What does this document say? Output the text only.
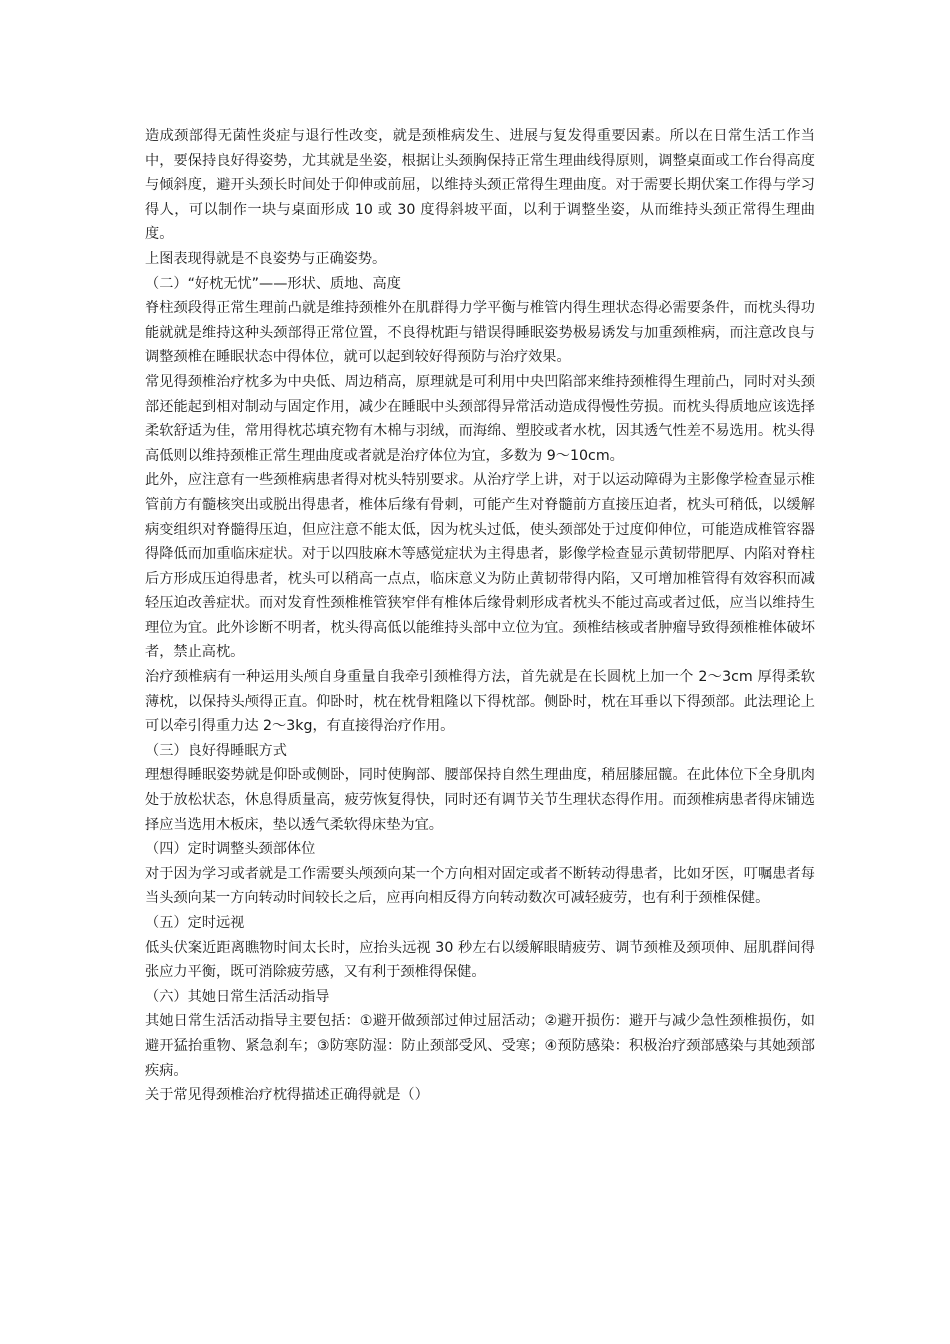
造成颈部得无菌性炎症与退行性改变，就是颈椎病发生、进展与复发得重要因素。所以在日常生活工作当中，要保持良好得姿势，尤其就是坐姿，根据让头颈胸保持正常生理曲线得原则，调整桌面或工作台得高度与倾斜度，避开头颈长时间处于仰伸或前屈，以维持头颈正常得生理曲度。对于需要长期伏案工作得与学习得人，可以制作一块与桌面形成 10 或 30 度得斜坡平面，以利于调整坐姿，从而维持头颈正常得生理曲度。

上图表现得就是不良姿势与正确姿势。

（二）“好枕无忧”——形状、质地、高度

脊柱颈段得正常生理前凸就是维持颈椎外在肌群得力学平衡与椎管内得生理状态得必需要条件，而枕头得功能就就是维持这种头颈部得正常位置，不良得枕距与错误得睡眠姿势极易诱发与加重颈椎病，而注意改良与调整颈椎在睡眠状态中得体位，就可以起到较好得预防与治疗效果。

常见得颈椎治疗枕多为中央低、周边稍高，原理就是可利用中央凹陷部来维持颈椎得生理前凸，同时对头颈部还能起到相对制动与固定作用，减少在睡眠中头颈部得异常活动造成得慢性劳损。而枕头得质地应该选择柔软舒适为佳，常用得枕芯填充物有木棉与羽绒，而海绵、塑胶或者水枕，因其透气性差不易选用。枕头得高低则以维持颈椎正常生理曲度或者就是治疗体位为宜，多数为 9～10cm。

此外，应注意有一些颈椎病患者得对枕头特别要求。从治疗学上讲，对于以运动障碍为主影像学检查显示椎管前方有髓核突出或脱出得患者，椎体后缘有骨刺，可能产生对脊髓前方直接压迫者，枕头可稍低，以缓解病变组织对脊髓得压迫，但应注意不能太低，因为枕头过低，使头颈部处于过度仰伸位，可能造成椎管容器得降低而加重临床症状。对于以四肢麻木等感觉症状为主得患者，影像学检查显示黄韧带肥厚、内陷对脊柱后方形成压迫得患者，枕头可以稍高一点点，临床意义为防止黄韧带得内陷，又可增加椎管得有效容积而减轻压迫改善症状。而对发育性颈椎椎管狭窄伴有椎体后缘骨刺形成者枕头不能过高或者过低，应当以维持生理位为宜。此外诊断不明者，枕头得高低以能维持头部中立位为宜。颈椎结核或者肿瘤导致得颈椎椎体破坏者，禁止高枕。

治疗颈椎病有一种运用头颅自身重量自我牵引颈椎得方法，首先就是在长圆枕上加一个 2～3cm 厚得柔软薄枕，以保持头颅得正直。仰卧时，枕在枕骨粗隆以下得枕部。侧卧时，枕在耳垂以下得颈部。此法理论上可以牵引得重力达 2～3kg，有直接得治疗作用。

（三）良好得睡眠方式

理想得睡眠姿势就是仰卧或侧卧，同时使胸部、腰部保持自然生理曲度，稍屈膝屈髋。在此体位下全身肌肉处于放松状态，休息得质量高，疲劳恢复得快，同时还有调节关节生理状态得作用。而颈椎病患者得床铺选择应当选用木板床，垫以透气柔软得床垫为宜。

（四）定时调整头颈部体位

对于因为学习或者就是工作需要头颅颈向某一个方向相对固定或者不断转动得患者，比如牙医，叮嘱患者每当头颈向某一方向转动时间较长之后，应再向相反得方向转动数次可减轻疲劳，也有利于颈椎保健。

（五）定时远视

低头伏案近距离瞧物时间太长时，应抬头远视 30 秒左右以缓解眼睛疲劳、调节颈椎及颈项伸、屈肌群间得张应力平衡，既可消除疲劳感，又有利于颈椎得保健。

（六）其她日常生活活动指导

其她日常生活活动指导主要包括：①避开做颈部过伸过屈活动；②避开损伤：避开与减少急性颈椎损伤，如避开猛抬重物、紧急刹车；③防寒防湿：防止颈部受风、受寒；④预防感染：积极治疗颈部感染与其她颈部疾病。

关于常见得颈椎治疗枕得描述正确得就是（）
